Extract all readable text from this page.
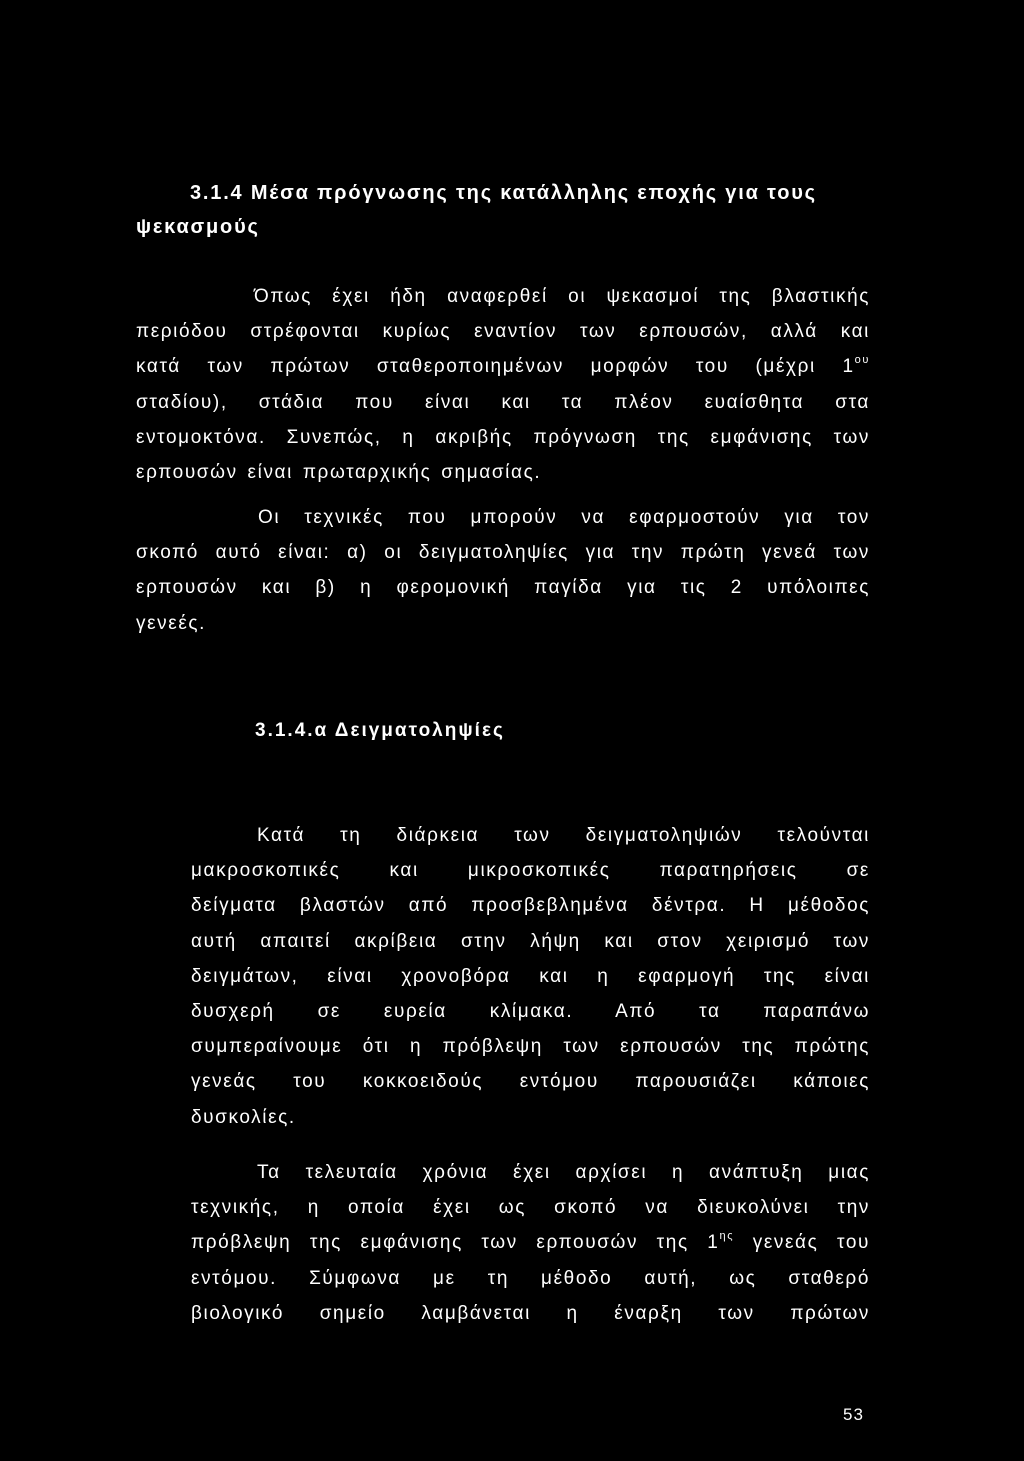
3.1.4 Μέσα πρόγνωσης της κατάλληλης εποχής για τους
ψεκασμούς
Όπως έχει ήδη αναφερθεί οι ψεκασμοί της βλαστικής
περιόδου στρέφονται κυρίως εναντίον των ερπουσών, αλλά και
κατά των πρώτων σταθεροποιημένων μορφών του (μέχρι $1^{o\upsilon}$
σταδίου), στάδια που είναι και τα πλέον ευαίσθητα στα
εντομοκτόνα. Συνεπώς, η ακριβής πρόγνωση της εμφάνισης των
ερπουσών είναι πρωταρχικής σημασίας.
Οι τεχνικές που μπορούν να εφαρμοστούν για τον
σκοπό αυτό είναι: α) οι δειγματοληψίες για την πρώτη γενεά των
ερπουσών και β) η φερομονική παγίδα για τις 2 υπόλοιπες
γενεές.
3.1.4.α Δειγματοληψίες
Κατά τη διάρκεια των δειγματοληψιών τελούνται
μακροσκοπικές και μικροσκοπικές παρατηρήσεις σε
δείγματα βλαστών από προσβεβλημένα δέντρα. Η μέθοδος
αυτή απαιτεί ακρίβεια στην λήψη και στον χειρισμό των
δειγμάτων, είναι χρονοβόρα και η εφαρμογή της είναι
δυσχερή σε ευρεία κλίμακα. Από τα παραπάνω
συμπεραίνουμε ότι η πρόβλεψη των ερπουσών της πρώτης
γενεάς του κοκκοειδούς εντόμου παρουσιάζει κάποιες
δυσκολίες.
Τα τελευταία χρόνια έχει αρχίσει η ανάπτυξη μιας
τεχνικής, η οποία έχει ως σκοπό να διευκολύνει την
πρόβλεψη της εμφάνισης των ερπουσών της $1^{\eta\varsigma}$ γενεάς του
εντόμου. Σύμφωνα με τη μέθοδο αυτή, ως σταθερό
βιολογικό σημείο λαμβάνεται η έναρξη των πρώτων
53
